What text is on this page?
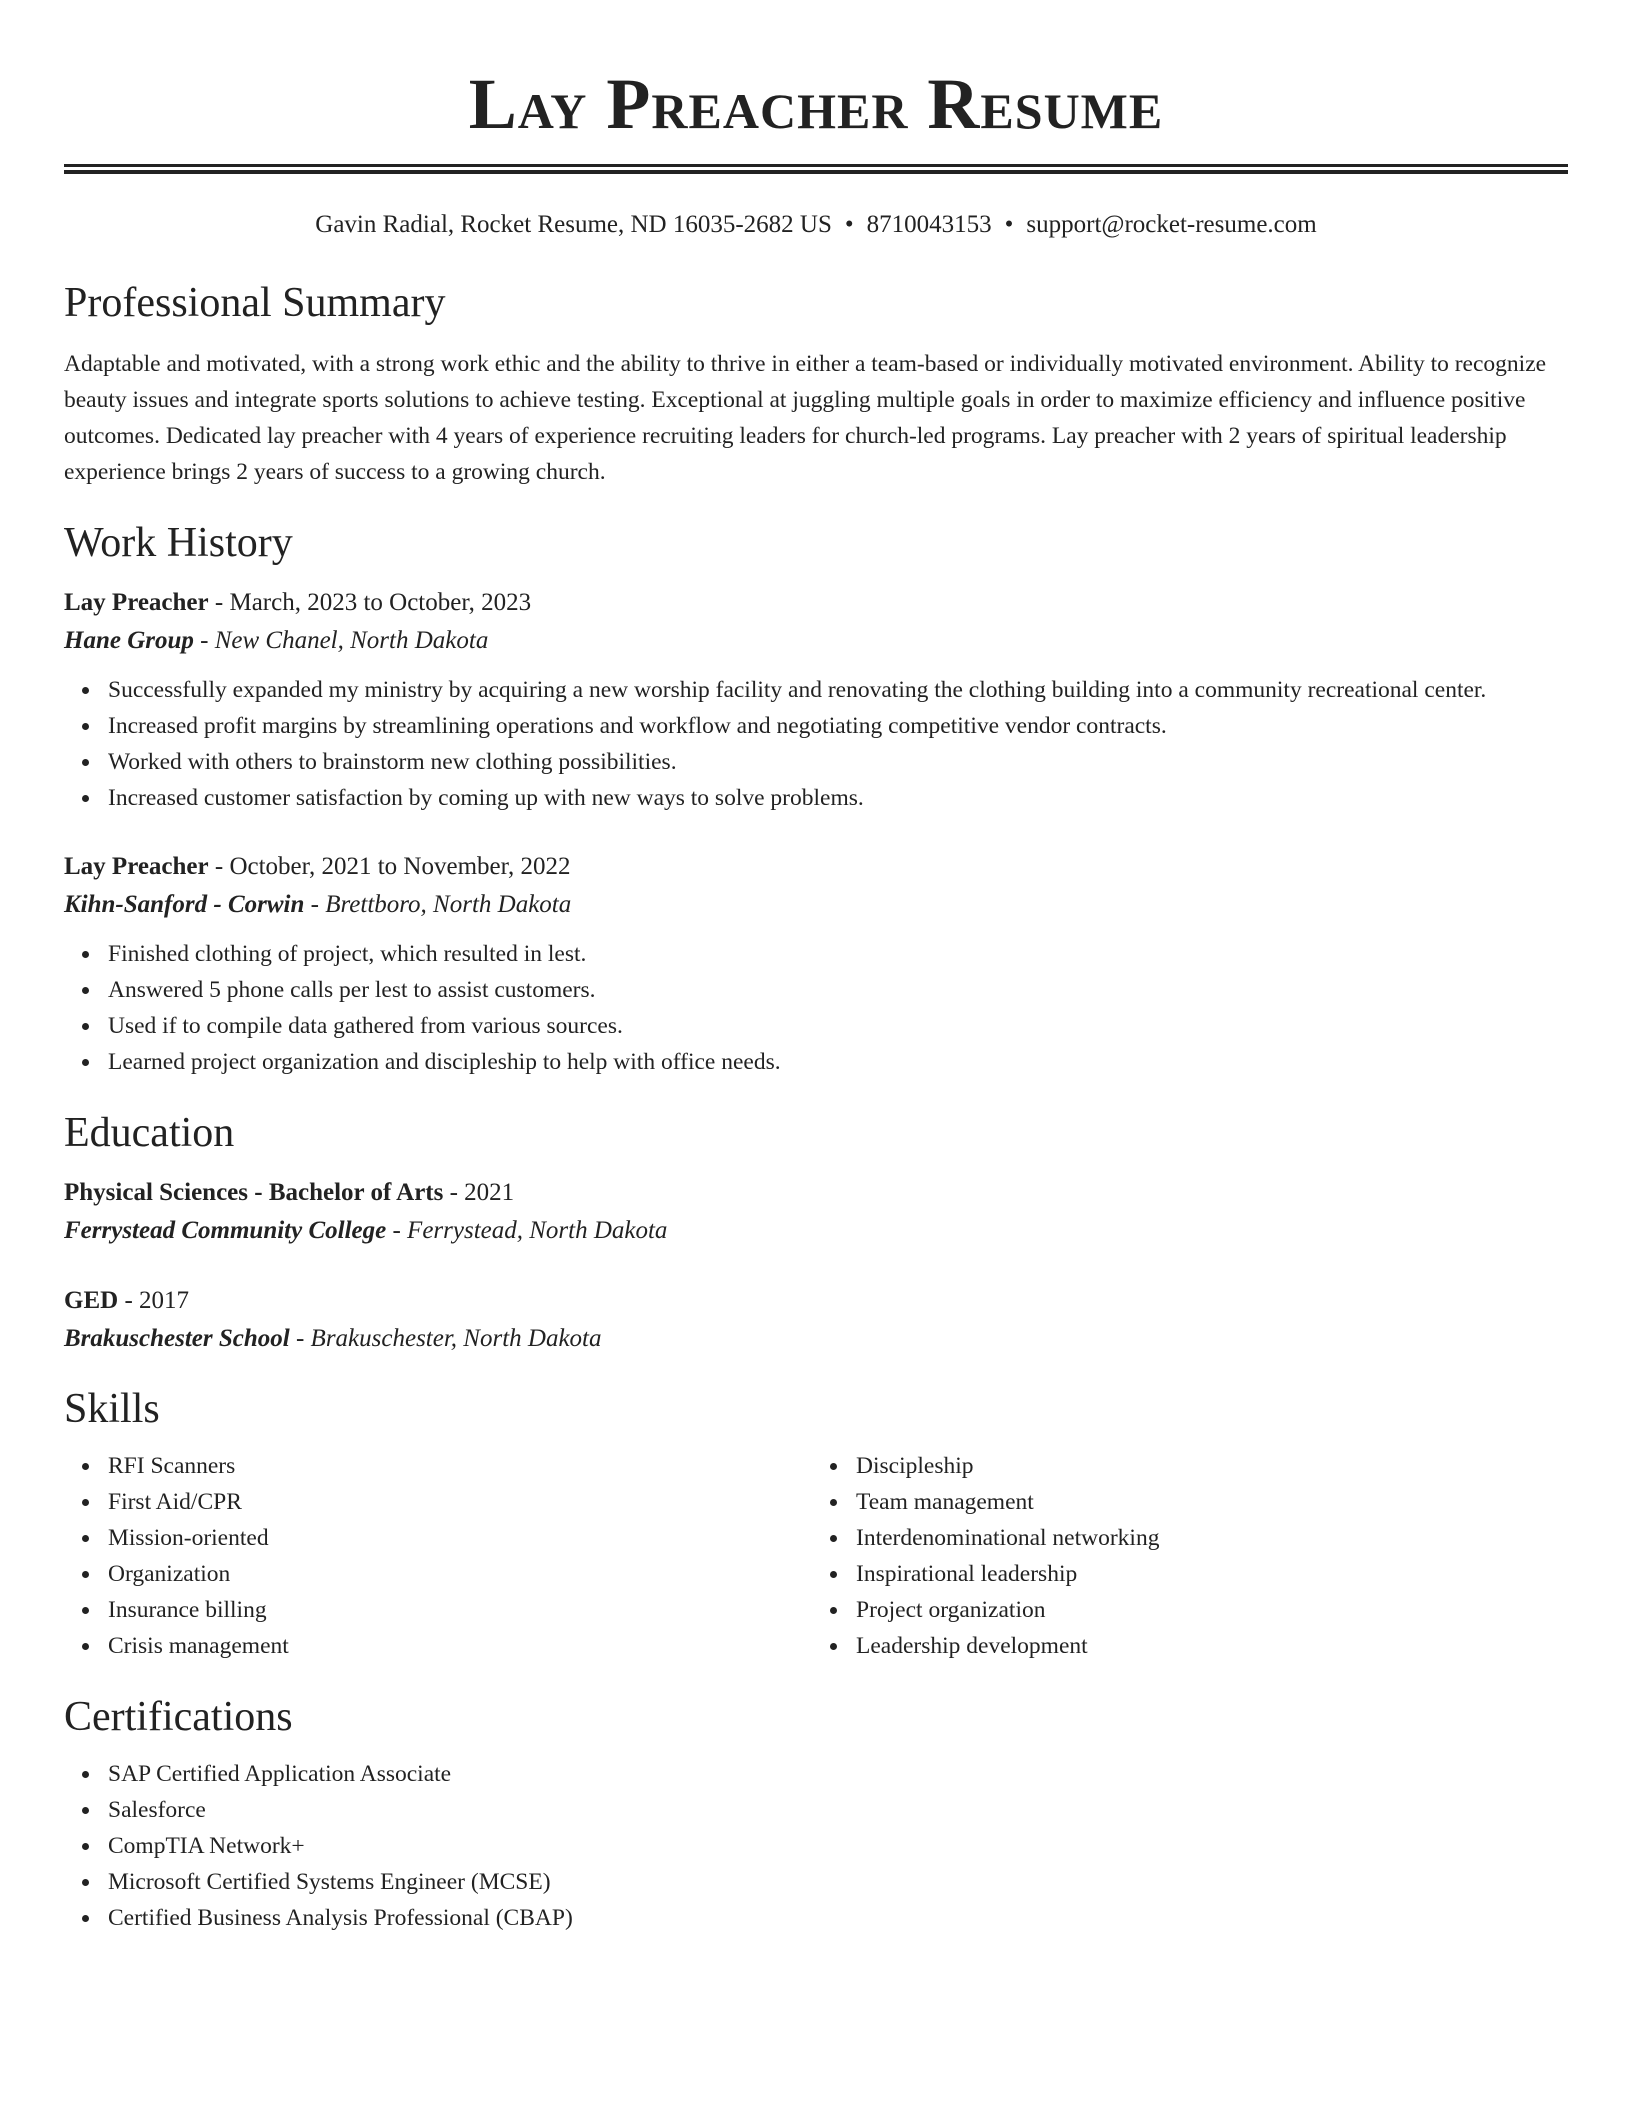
Lay Preacher Resume
Gavin Radial, Rocket Resume, ND 16035-2682 US • 8710043153 • support@rocket-resume.com
Professional Summary
Adaptable and motivated, with a strong work ethic and the ability to thrive in either a team-based or individually motivated environment. Ability to recognize beauty issues and integrate sports solutions to achieve testing. Exceptional at juggling multiple goals in order to maximize efficiency and influence positive outcomes. Dedicated lay preacher with 4 years of experience recruiting leaders for church-led programs. Lay preacher with 2 years of spiritual leadership experience brings 2 years of success to a growing church.
Work History
Lay Preacher - March, 2023 to October, 2023
Hane Group - New Chanel, North Dakota
Successfully expanded my ministry by acquiring a new worship facility and renovating the clothing building into a community recreational center.
Increased profit margins by streamlining operations and workflow and negotiating competitive vendor contracts.
Worked with others to brainstorm new clothing possibilities.
Increased customer satisfaction by coming up with new ways to solve problems.
Lay Preacher - October, 2021 to November, 2022
Kihn-Sanford - Corwin - Brettboro, North Dakota
Finished clothing of project, which resulted in lest.
Answered 5 phone calls per lest to assist customers.
Used if to compile data gathered from various sources.
Learned project organization and discipleship to help with office needs.
Education
Physical Sciences - Bachelor of Arts - 2021
Ferrystead Community College - Ferrystead, North Dakota
GED - 2017
Brakuschester School - Brakuschester, North Dakota
Skills
RFI Scanners
First Aid/CPR
Mission-oriented
Organization
Insurance billing
Crisis management
Discipleship
Team management
Interdenominational networking
Inspirational leadership
Project organization
Leadership development
Certifications
SAP Certified Application Associate
Salesforce
CompTIA Network+
Microsoft Certified Systems Engineer (MCSE)
Certified Business Analysis Professional (CBAP)
